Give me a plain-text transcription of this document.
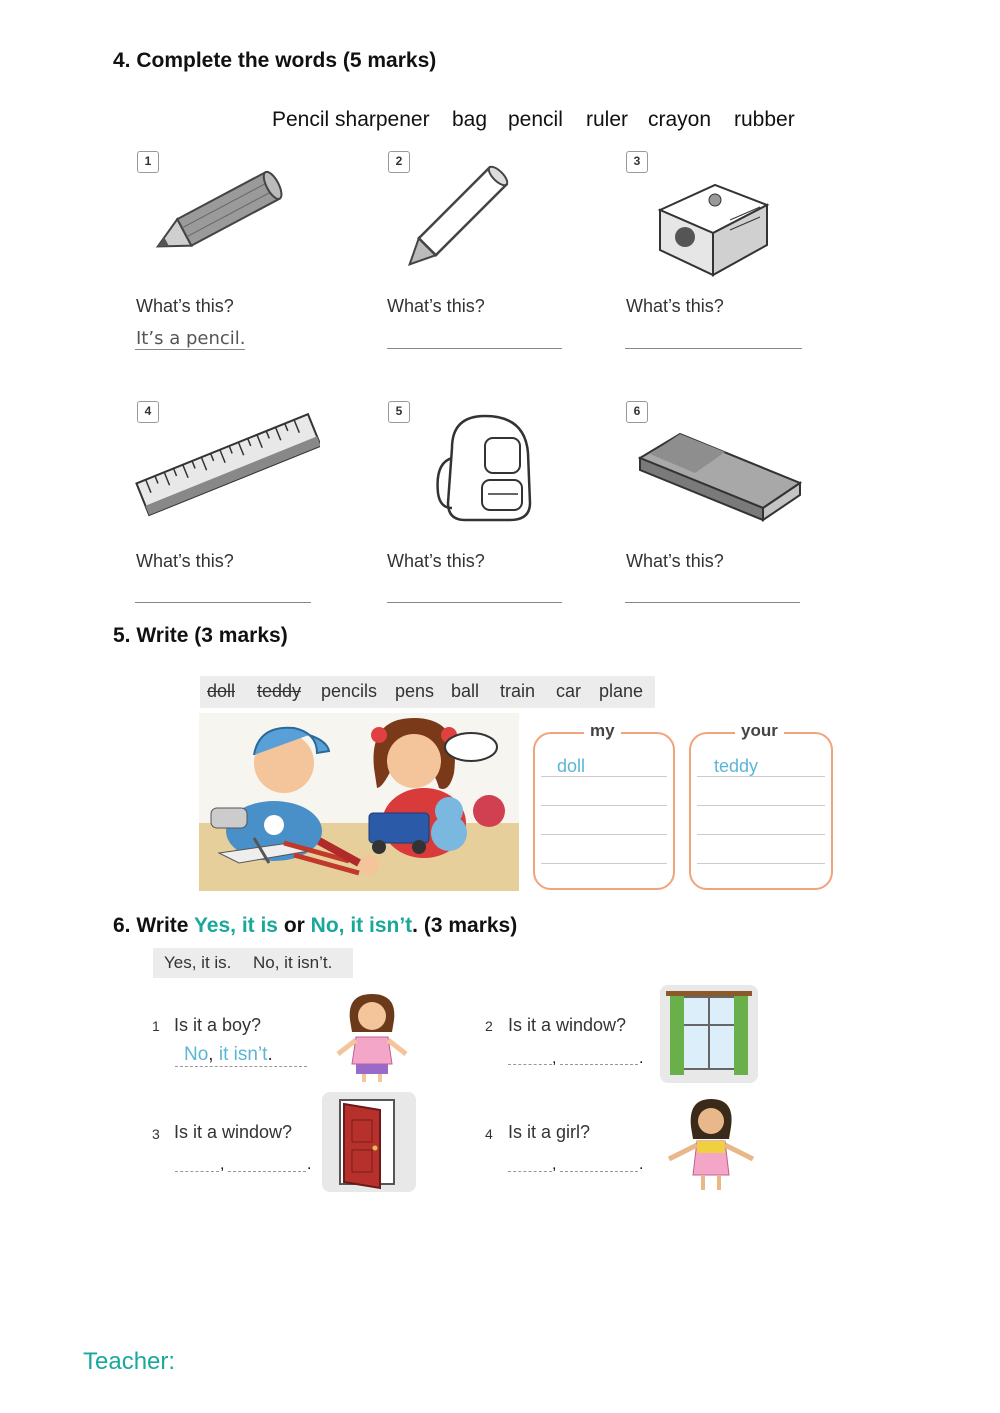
4. Complete the words (5 marks)
Pencil sharpener bag pencil ruler crayon rubber
1
What’s this?
It’s a pencil.
2
What’s this?
3
What’s this?
4
What’s this?
5
What’s this?
6
What’s this?
5. Write (3 marks)
doll teddy pencils pens ball train car plane
my
doll
your
teddy
6. Write Yes, it is or No, it isn’t. (3 marks)
Yes, it is. No, it isn’t.
1 Is it a boy?
No, it isn’t.
2 Is it a window?
,	.
3 Is it a window?
,	.
4 Is it a girl?
,	.
Teacher:
